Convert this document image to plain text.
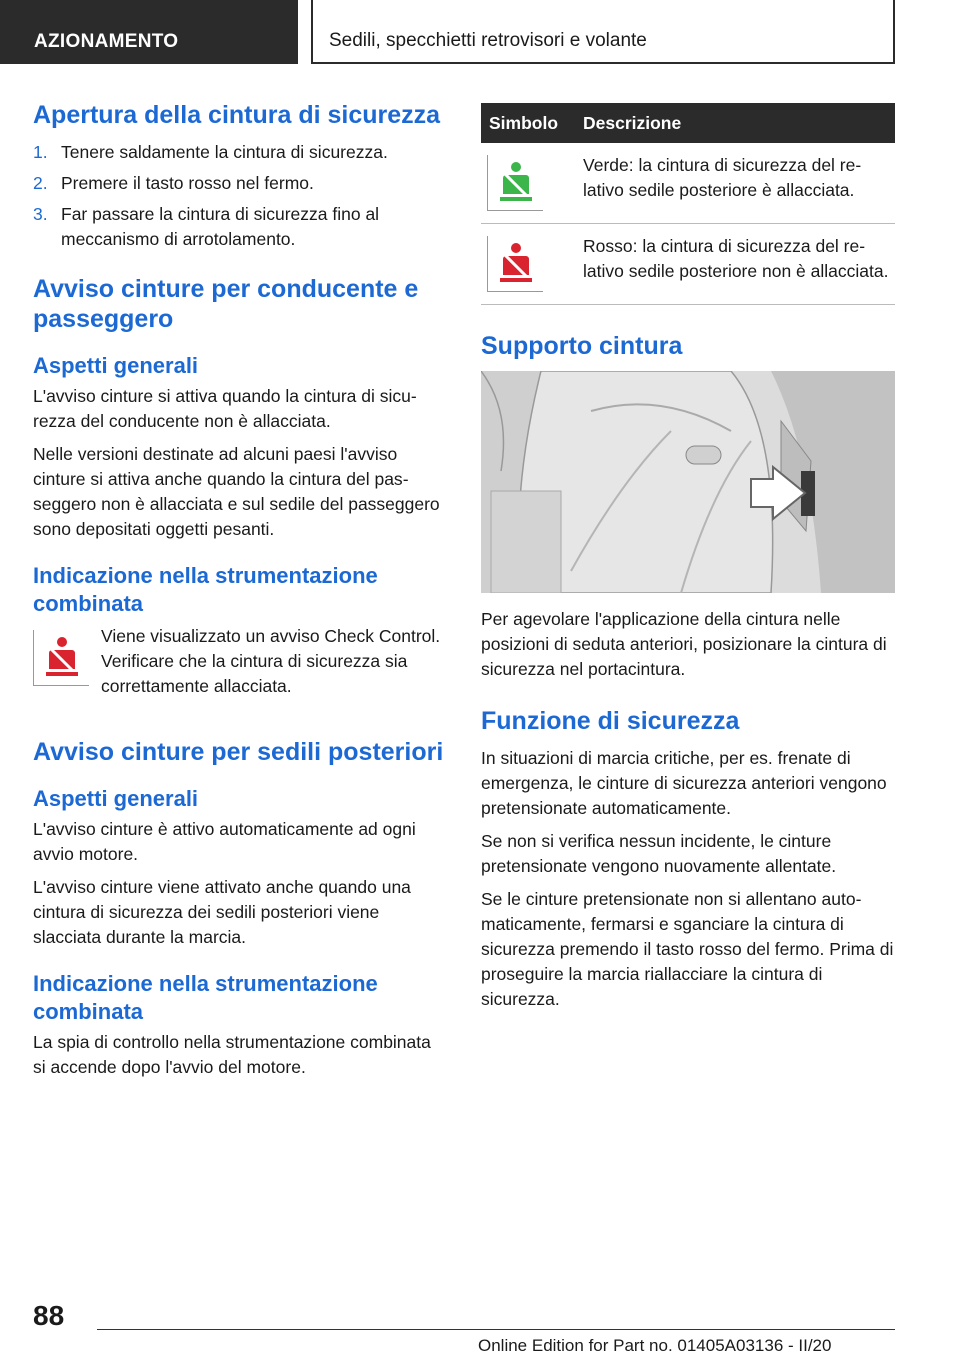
AZIONAMENTO	Sedili, specchietti retrovisori e volante
Apertura della cintura di sicurezza
1. Tenere saldamente la cintura di sicurezza.
2. Premere il tasto rosso nel fermo.
3. Far passare la cintura di sicurezza fino al meccanismo di arrotolamento.
Avviso cinture per conducente e passeggero
Aspetti generali

L'avviso cinture si attiva quando la cintura di sicurezza del conducente non è allacciata.

Nelle versioni destinate ad alcuni paesi l'avviso cinture si attiva anche quando la cintura del passeggero non è allacciata e sul sedile del passeggero sono depositati oggetti pesanti.

Indicazione nella strumentazione combinata

Viene visualizzato un avviso Check Control. Verificare che la cintura di sicurezza sia correttamente allacciata.

Avviso cinture per sedili posteriori
Aspetti generali

L'avviso cinture è attivo automaticamente ad ogni avvio motore.

L'avviso cinture viene attivato anche quando una cintura di sicurezza dei sedili posteriori viene slacciata durante la marcia.

Indicazione nella strumentazione combinata

La spia di controllo nella strumentazione combinata si accende dopo l'avvio del motore.

Simbolo	Descrizione

	Verde: la cintura di sicurezza del relativo sedile posteriore è allacciata.

	Rosso: la cintura di sicurezza del relativo sedile posteriore non è allacciata.
Supporto cintura

Per agevolare l'applicazione della cintura nelle posizioni di seduta anteriori, posizionare la cintura di sicurezza nel portacintura.

Funzione di sicurezza

In situazioni di marcia critiche, per es. frenate di emergenza, le cinture di sicurezza anteriori vengono pretensionate automaticamente.

Se non si verifica nessun incidente, le cinture pretensionate vengono nuovamente allentate.

Se le cinture pretensionate non si allentano automaticamente, fermarsi e sganciare la cintura di sicurezza premendo il tasto rosso del fermo. Prima di proseguire la marcia riallacciare la cintura di sicurezza.

88
Online Edition for Part no. 01405A03136 - II/20
